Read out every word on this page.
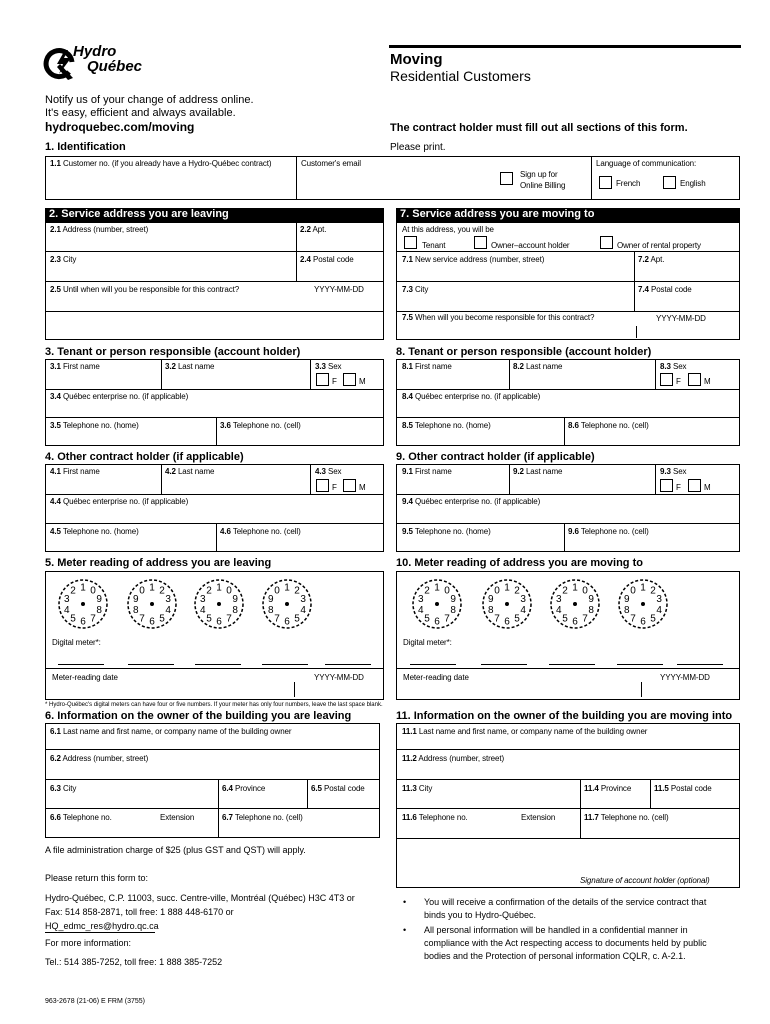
Hydro
Québec	Moving
Residential Customers
Notify us of your change of address online.
It's easy, efficient and always available.
hydroquebec.com/moving	The contract holder must fill out all sections of this form.
1. Identification	Please print.
1.1 Customer no. (if you already have a Hydro-Québec contract)	Customer's email
Sign up for
Online Billing
Language of communication:
French	English
2. Service address you are leaving
2.1 Address (number, street)	2.2 Apt.
2.3 City	2.4 Postal code
2.5 Until when will you be responsible for this contract?	YYYY-MM-DD
7. Service address you are moving to
At this address, you will be
Tenant	Owner–account holder	Owner of rental property
7.1 New service address (number, street)	7.2 Apt.
7.3 City	7.4 Postal code
7.5 When will you become responsible for this contract?	YYYY-MM-DD
3. Tenant or person responsible (account holder)
3.1 First name	3.2 Last name	3.3 Sex
F	M
3.4 Québec enterprise no. (if applicable)
3.5 Telephone no. (home)	3.6 Telephone no. (cell)
8. Tenant or person responsible (account holder)
8.1 First name	8.2 Last name	8.3 Sex
F	M
8.4 Québec enterprise no. (if applicable)
8.5 Telephone no. (home)	8.6 Telephone no. (cell)
4. Other contract holder (if applicable)
4.1 First name	4.2 Last name	4.3 Sex
F	M
4.4 Québec enterprise no. (if applicable)
4.5 Telephone no. (home)	4.6 Telephone no. (cell)
9. Other contract holder (if applicable)
9.1 First name	9.2 Last name	9.3 Sex
F	M
9.4 Québec enterprise no. (if applicable)
9.5 Telephone no. (home)	9.6 Telephone no. (cell)
5. Meter reading of address you are leaving
Digital meter*:
Meter-reading date	YYYY-MM-DD
10. Meter reading of address you are moving to
Digital meter*:
Meter-reading date	YYYY-MM-DD
1 0
9
8
7
6
5
4
3
2	1
0
9
8
7 6 5
4
3
2	1 0
9
8
7
6
5
4
3
2	1
0
9
8
7 6 5
4
3
2	1 0
9
8
7
6
5
4
3
2	1
0
9
8
7 6 5
4
3
2	1 0
9
8
7
6
5
4
3
2	1
0
9
8
7 6 5
4
3
2
* Hydro-Québec's digital meters can have four or five numbers. If your meter has only four numbers, leave the last space blank.
6. Information on the owner of the building you are leaving
6.1 Last name and first name, or company name of the building owner
6.2 Address (number, street)
6.3 City	6.4 Province	6.5 Postal code
6.6 Telephone no.	Extension	6.7 Telephone no. (cell)
11. Information on the owner of the building you are moving into
11.1 Last name and first name, or company name of the building owner
11.2 Address (number, street)
11.3 City	11.4 Province	11.5 Postal code
11.6 Telephone no.	Extension	11.7 Telephone no. (cell)
Signature of account holder (optional)
A file administration charge of $25 (plus GST and QST) will apply.
Please return this form to:
Hydro-Québec, C.P. 11003, succ. Centre-ville, Montréal (Québec) H3C 4T3 or
Fax: 514 858-2871, toll free: 1 888 448-6170 or
HQ_edmc_res@hydro.qc.ca
For more information:
Tel.: 514 385-7252, toll free: 1 888 385-7252
963-2678 (21-06) E FRM (3755)
• You will receive a confirmation of the details of the service contract that
binds you to Hydro-Québec.
• All personal information will be handled in a confidential manner in
compliance with the Act respecting access to documents held by public
bodies and the Protection of personal information CQLR, c. A-2.1.
